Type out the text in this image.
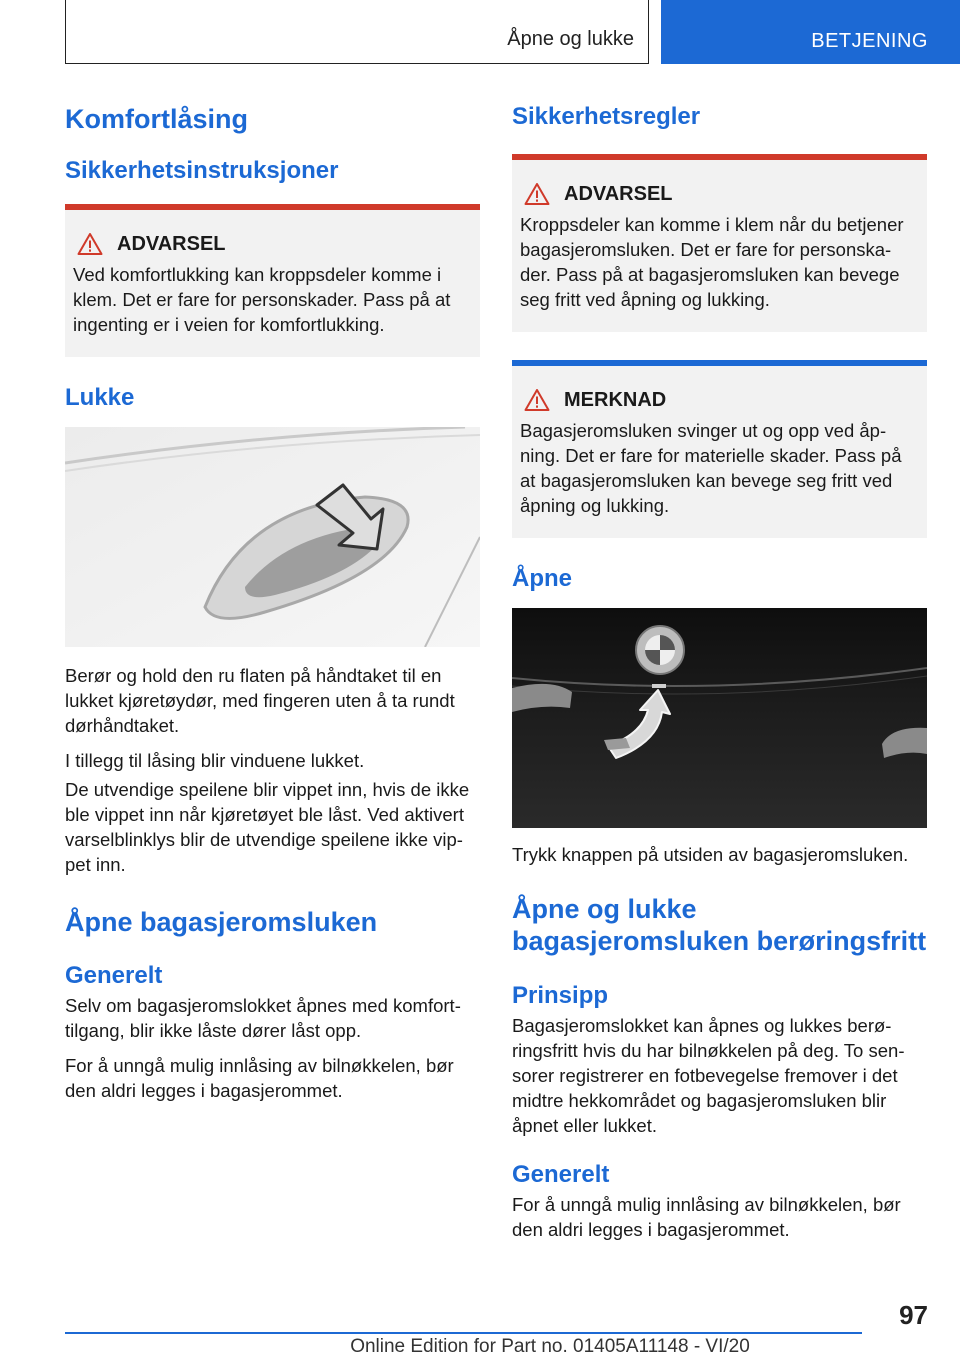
Åpne og lukke	BETJENING
Komfortlåsing
Sikkerhetsinstruksjoner
ADVARSEL

Ved komfortlukking kan kroppsdeler komme i klem. Det er fare for personskader. Pass på at ingenting er i veien for komfortlukking.

Lukke

Berør og hold den ru flaten på håndtaket til en lukket kjøretøydør, med fingeren uten å ta rundt dørhåndtaket.

I tillegg til låsing blir vinduene lukket.

De utvendige speilene blir vippet inn, hvis de ikke ble vippet inn når kjøretøyet ble låst. Ved aktivert varselblinklys blir de utvendige speilene ikke vip-pet inn.

Åpne bagasjeromsluken
Generelt

Selv om bagasjeromslokket åpnes med komfort-tilgang, blir ikke låste dører låst opp.

For å unngå mulig innlåsing av bilnøkkelen, bør den aldri legges i bagasjerommet.

Sikkerhetsregler
ADVARSEL

Kroppsdeler kan komme i klem når du betjener bagasjeromsluken. Det er fare for personska-der. Pass på at bagasjeromsluken kan bevege seg fritt ved åpning og lukking.

MERKNAD

Bagasjeromsluken svinger ut og opp ved åp-ning. Det er fare for materielle skader. Pass på at bagasjeromsluken kan bevege seg fritt ved åpning og lukking.

Åpne

Trykk knappen på utsiden av bagasjeromsluken.

Åpne og lukke bagasjeromsluken berøringsfritt
Prinsipp

Bagasjeromslokket kan åpnes og lukkes berø-ringsfritt hvis du har bilnøkkelen på deg. To sen-sorer registrerer en fotbevegelse fremover i det midtre hekkområdet og bagasjeromsluken blir åpnet eller lukket.

Generelt

For å unngå mulig innlåsing av bilnøkkelen, bør den aldri legges i bagasjerommet.

97
Online Edition for Part no. 01405A11148 - VI/20
